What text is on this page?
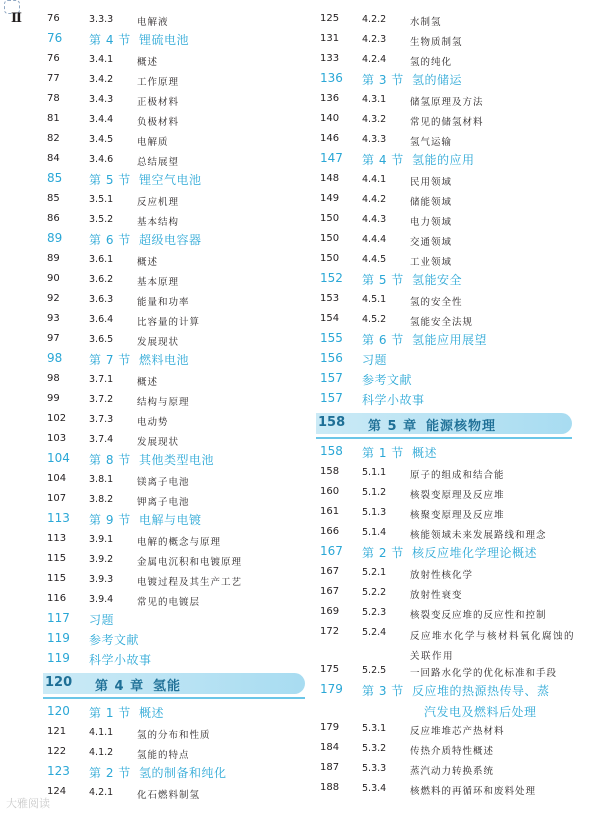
Ⅱ	76	3.3.3	电解液
76 第 4 节 锂硫电池
76	3.4.1	概述
77	3.4.2	工作原理
78	3.4.3	正极材料
81	3.4.4	负极材料
82	3.4.5	电解质
84	3.4.6	总结展望
85 第 5 节 锂空气电池
85	3.5.1	反应机理
86	3.5.2	基本结构
89 第 6 节 超级电容器
89	3.6.1	概述
90	3.6.2	基本原理
92	3.6.3	能量和功率
93	3.6.4	比容量的计算
97	3.6.5	发展现状
98 第 7 节 燃料电池
98	3.7.1	概述
99	3.7.2	结构与原理
102 3.7.3	电动势
103 3.7.4	发展现状
104 第 8 节 其他类型电池
104 3.8.1	镁离子电池
107 3.8.2	钾离子电池
113 第 9 节 电解与电镀
113 3.9.1	电解的概念与原理
115 3.9.2	金属电沉积和电镀原理
115 3.9.3	电镀过程及其生产工艺
116 3.9.4	常见的电镀层
117 习题
119 参考文献
119 科学小故事
120 第 4 章 氢能
120 第 1 节 概述
121 4.1.1	氢的分布和性质
122 4.1.2	氢能的特点
123 第 2 节 氢的制备和纯化
124 4.2.1	化石燃料制氢
125 4.2.2	水制氢
131 4.2.3	生物质制氢
133 4.2.4	氢的纯化
136 第 3 节 氢的储运
136 4.3.1	储氢原理及方法
140 4.3.2	常见的储氢材料
146 4.3.3	氢气运输
147 第 4 节 氢能的应用
148 4.4.1	民用领域
149 4.4.2	储能领域
150 4.4.3	电力领域
150 4.4.4	交通领域
150 4.4.5	工业领域
152 第 5 节 氢能安全
153 4.5.1	氢的安全性
154 4.5.2	氢能安全法规
155 第 6 节 氢能应用展望
156 习题
157 参考文献
157 科学小故事
158 第 5 章 能源核物理
158 第 1 节 概述
158 5.1.1	原子的组成和结合能
160 5.1.2	核裂变原理及反应堆
161 5.1.3	核聚变原理及反应堆
166 5.1.4	核能领域未来发展路线和理念
167 第 2 节 核反应堆化学理论概述
167 5.2.1	放射性核化学
167 5.2.2	放射性衰变
169 5.2.3	核裂变反应堆的反应性和控制
172 5.2.4	反应堆水化学与核材料氧化腐蚀的关联作用
175 5.2.5	一回路水化学的优化标准和手段
179 第 3 节 反应堆的热源热传导、蒸
汽发电及燃料后处理
179 5.3.1	反应堆堆芯产热材料
184 5.3.2	传热介质特性概述
187 5.3.3	蒸汽动力转换系统
188 5.3.4	核燃料的再循环和废料处理
大雅阅读
